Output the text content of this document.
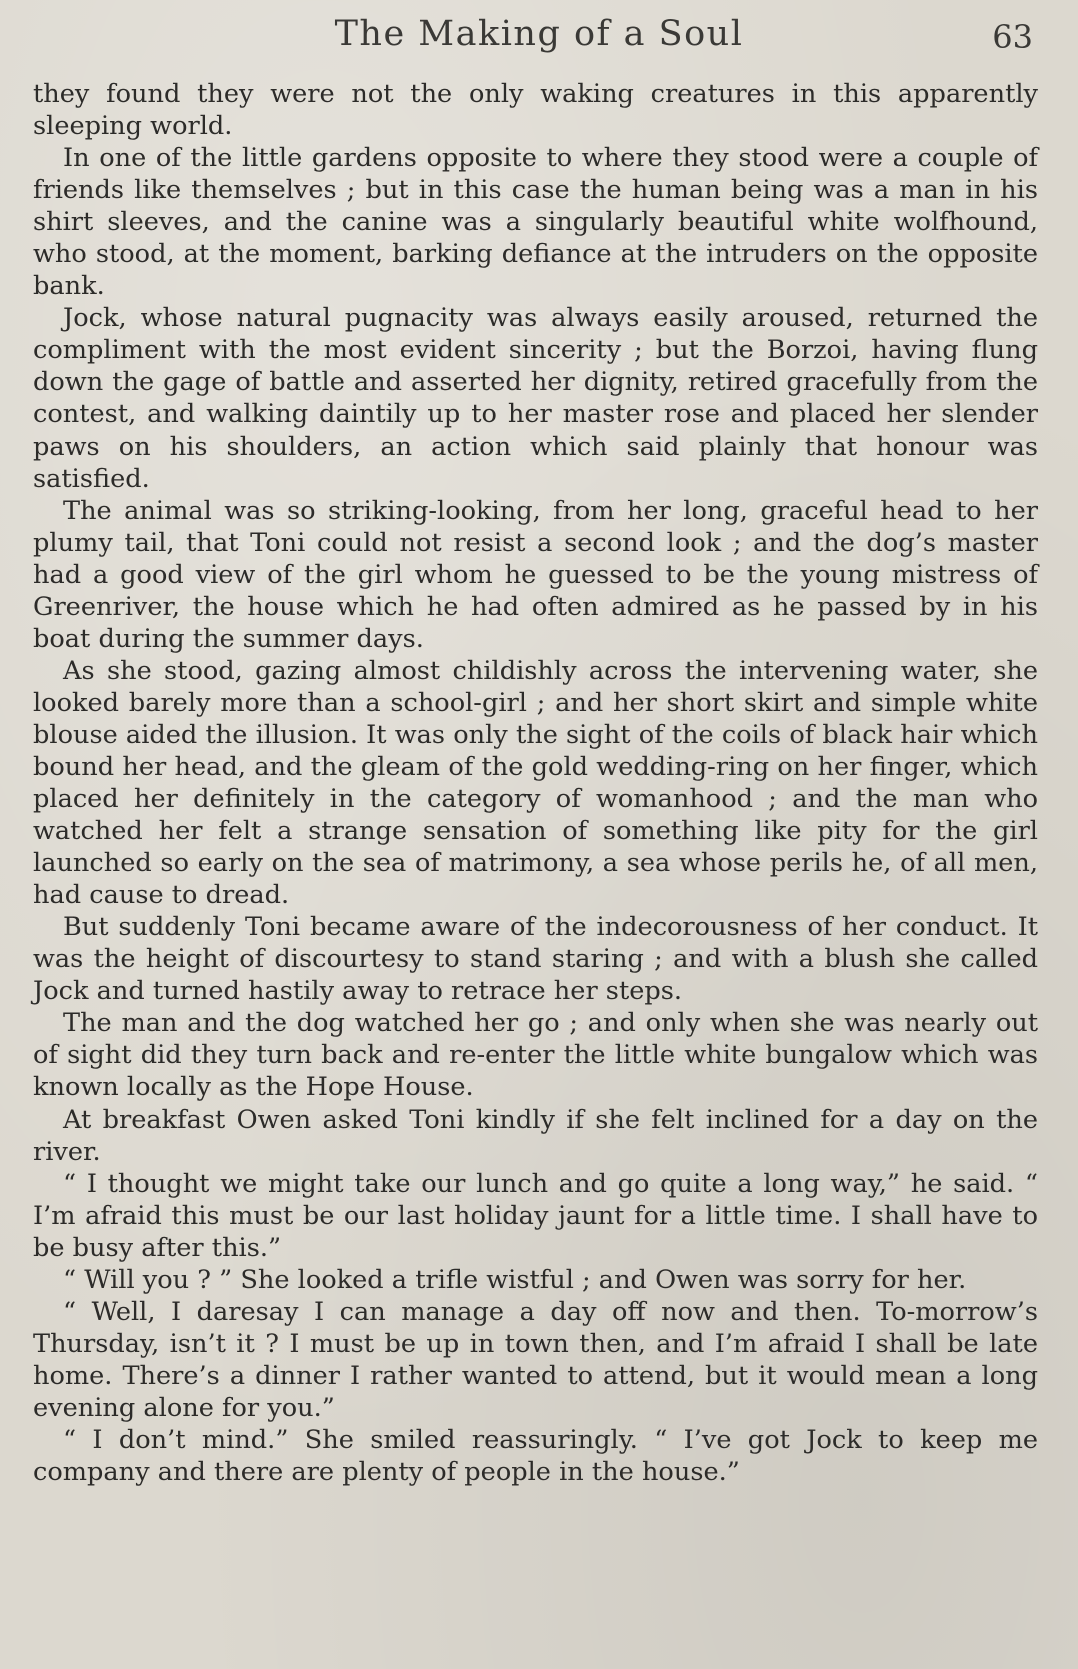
The Making of a Soul	63

they found they were not the only waking creatures in this apparently sleeping world.

In one of the little gardens opposite to where they stood were a couple of friends like themselves ; but in this case the human being was a man in his shirt sleeves, and the canine was a singularly beautiful white wolfhound, who stood, at the moment, barking defiance at the intruders on the opposite bank.

Jock, whose natural pugnacity was always easily aroused, returned the compliment with the most evident sincerity ; but the Borzoi, having flung down the gage of battle and asserted her dignity, retired gracefully from the contest, and walking daintily up to her master rose and placed her slender paws on his shoulders, an action which said plainly that honour was satisfied.

The animal was so striking-looking, from her long, graceful head to her plumy tail, that Toni could not resist a second look ; and the dog’s master had a good view of the girl whom he guessed to be the young mistress of Greenriver, the house which he had often admired as he passed by in his boat during the summer days.

As she stood, gazing almost childishly across the intervening water, she looked barely more than a school-girl ; and her short skirt and simple white blouse aided the illusion. It was only the sight of the coils of black hair which bound her head, and the gleam of the gold wedding-ring on her finger, which placed her definitely in the category of womanhood ; and the man who watched her felt a strange sensation of something like pity for the girl launched so early on the sea of matrimony, a sea whose perils he, of all men, had cause to dread.

But suddenly Toni became aware of the indecorousness of her conduct. It was the height of discourtesy to stand staring ; and with a blush she called Jock and turned hastily away to retrace her steps.

The man and the dog watched her go ; and only when she was nearly out of sight did they turn back and re-enter the little white bungalow which was known locally as the Hope House.

At breakfast Owen asked Toni kindly if she felt inclined for a day on the river.

“ I thought we might take our lunch and go quite a long way,” he said. “ I’m afraid this must be our last holiday jaunt for a little time. I shall have to be busy after this.”

“ Will you ? ” She looked a trifle wistful ; and Owen was sorry for her.

“ Well, I daresay I can manage a day off now and then. To-morrow’s Thursday, isn’t it ? I must be up in town then, and I’m afraid I shall be late home. There’s a dinner I rather wanted to attend, but it would mean a long evening alone for you.”

“ I don’t mind.” She smiled reassuringly. “ I’ve got Jock to keep me company and there are plenty of people in the house.”
